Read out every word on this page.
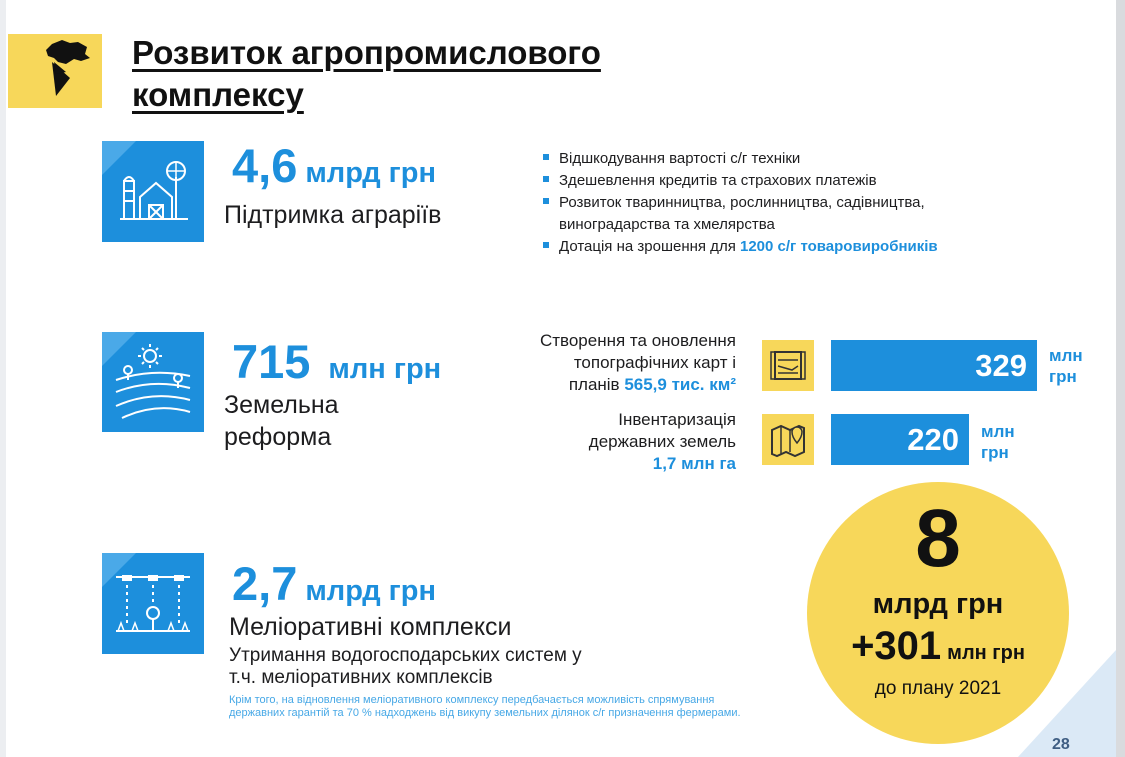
Розвиток агропромислового комплексу
4,6 млрд грн
Підтримка аграріїв
Відшкодування вартості с/г техніки
Здешевлення кредитів та страхових платежів
Розвиток тваринництва, рослинництва, садівництва, виноградарства та хмелярства
Дотація на зрошення для 1200 с/г товаровиробників
715 млн грн
Земельна
реформа
Створення та оновлення
топографічних карт і
планів 565,9 тис. км²
329	млн
грн
Інвентаризація
державних земель
1,7 млн га
220	млн
грн
2,7 млрд грн
Меліоративні комплекси
Утримання водогосподарських систем у
т.ч. меліоративних комплексів
Крім того, на відновлення меліоративного комплексу передбачається можливість спрямування державних гарантій та 70 % надходжень від викупу земельних ділянок с/г призначення фермерами.
8
млрд грн
+301 млн грн
до плану 2021
28
